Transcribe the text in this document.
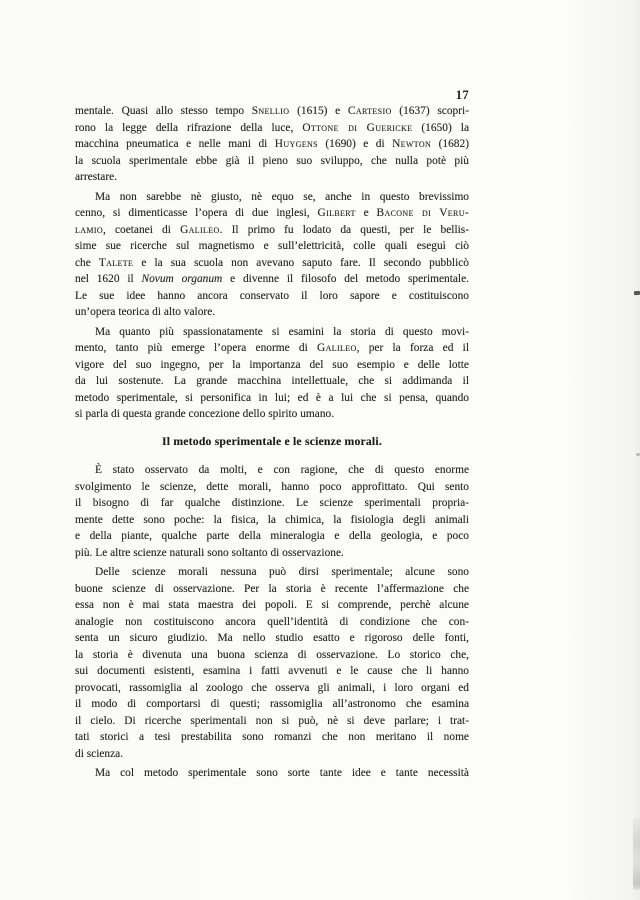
17
mentale. Quasi allo stesso tempo Snellio (1615) e Cartesio (1637) scopri-
rono la legge della rifrazione della luce, Ottone di Guericke (1650) la
macchina pneumatica e nelle mani di Huygens (1690) e di Newton (1682)
la scuola sperimentale ebbe già il pieno suo sviluppo, che nulla potè più
arrestare.
Ma non sarebbe nè giusto, nè equo se, anche in questo brevissimo
cenno, si dimenticasse l’opera di due inglesi, Gilbert e Bacone di Veru-
lamio, coetanei di Galileo. Il primo fu lodato da questi, per le bellis-
sime sue ricerche sul magnetismo e sull’elettricità, colle quali eseguì ciò
che Talete e la sua scuola non avevano saputo fare. Il secondo pubblicò
nel 1620 il Novum organum e divenne il filosofo del metodo sperimentale.
Le sue idee hanno ancora conservato il loro sapore e costituiscono
un’opera teorica di alto valore.
Ma quanto più spassionatamente si esamini la storia di questo movi-
mento, tanto più emerge l’opera enorme di Galileo, per la forza ed il
vigore del suo ingegno, per la importanza del suo esempio e delle lotte
da lui sostenute. La grande macchina intellettuale, che si addimanda il
metodo sperimentale, si personifica in lui; ed è a lui che si pensa, quando
si parla di questa grande concezione dello spirito umano.
Il metodo sperimentale e le scienze morali.
È stato osservato da molti, e con ragione, che di questo enorme
svolgimento le scienze, dette morali, hanno poco approfittato. Qui sento
il bisogno di far qualche distinzione. Le scienze sperimentali propria-
mente dette sono poche: la fisica, la chimica, la fisiologia degli animali
e della piante, qualche parte della mineralogia e della geologia, e poco
più. Le altre scienze naturali sono soltanto di osservazione.
Delle scienze morali nessuna può dirsi sperimentale; alcune sono
buone scienze di osservazione. Per la storia è recente l’affermazione che
essa non è mai stata maestra dei popoli. E si comprende, perchè alcune
analogie non costituiscono ancora quell’identità di condizione che con-
senta un sicuro giudizio. Ma nello studio esatto e rigoroso delle fonti,
la storia è divenuta una buona scienza di osservazione. Lo storico che,
sui documenti esistenti, esamina i fatti avvenuti e le cause che li hanno
provocati, rassomiglia al zoologo che osserva gli animali, i loro organi ed
il modo di comportarsi di questi; rassomiglia all’astronomo che esamina
il cielo. Di ricerche sperimentali non si può, nè si deve parlare; i trat-
tati storici a tesi prestabilita sono romanzi che non meritano il nome
di scienza.
Ma col metodo sperimentale sono sorte tante idee e tante necessità
